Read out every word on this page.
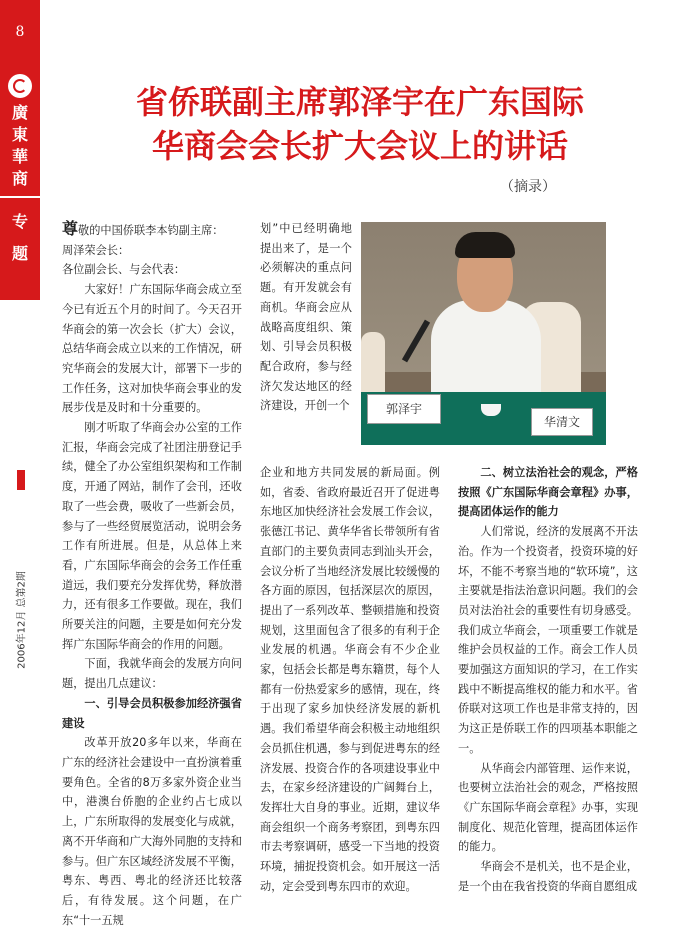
8
廣東華商
专题
2006年12月 总第2期
省侨联副主席郭泽宇在广东国际
华商会会长扩大会议上的讲话
（摘录）

尊敬的中国侨联李本钧副主席：

周泽荣会长：

各位副会长、与会代表：

大家好！广东国际华商会成立至今已有近五个月的时间了。今天召开华商会的第一次会长（扩大）会议，总结华商会成立以来的工作情况，研究华商会的发展大计，部署下一步的工作任务，这对加快华商会事业的发展步伐是及时和十分重要的。

刚才听取了华商会办公室的工作汇报，华商会完成了社团注册登记手续，健全了办公室组织架构和工作制度，开通了网站，制作了会刊，还收取了一些会费，吸收了一些新会员，参与了一些经贸展览活动，说明会务工作有所进展。但是，从总体上来看，广东国际华商会的会务工作任重道远，我们要充分发挥优势，释放潜力，还有很多工作要做。现在，我们所要关注的问题，主要是如何充分发挥广东国际华商会的作用的问题。

下面，我就华商会的发展方向问题，提出几点建议：

一、引导会员积极参加经济强省建设

改革开放20多年以来，华商在广东的经济社会建设中一直扮演着重要角色。全省的8万多家外资企业当中，港澳台侨胞的企业约占七成以上，广东所取得的发展变化与成就，离不开华商和广大海外同胞的支持和参与。但广东区域经济发展不平衡，粤东、粤西、粤北的经济还比较落后，有待发展。这个问题，在广东“十一五规

划”中已经明确地提出来了，是一个必须解决的重点问题。有开发就会有商机。华商会应从战略高度组织、策划、引导会员积极配合政府，参与经济欠发达地区的经济建设，开创一个	郭泽宇
华清文

企业和地方共同发展的新局面。例如，省委、省政府最近召开了促进粤东地区加快经济社会发展工作会议，张德江书记、黄华华省长带领所有省直部门的主要负责同志到汕头开会，会议分析了当地经济发展比较缓慢的各方面的原因，包括深层次的原因，提出了一系列改革、整顿措施和投资规划，这里面包含了很多的有利于企业发展的机遇。华商会有不少企业家，包括会长都是粤东籍贯，每个人都有一份热爱家乡的感情，现在，终于出现了家乡加快经济发展的新机遇。我们希望华商会积极主动地组织会员抓住机遇，参与到促进粤东的经济发展、投资合作的各项建设事业中去，在家乡经济建设的广阔舞台上，发挥壮大自身的事业。近期，建议华商会组织一个商务考察团，到粤东四市去考察调研，感受一下当地的投资环境，捕捉投资机会。如开展这一活动，定会受到粤东四市的欢迎。

二、树立法治社会的观念，严格按照《广东国际华商会章程》办事，提高团体运作的能力

人们常说，经济的发展离不开法治。作为一个投资者，投资环境的好坏，不能不考察当地的“软环境”，这主要就是指法治意识问题。我们的会员对法治社会的重要性有切身感受。我们成立华商会，一项重要工作就是维护会员权益的工作。商会工作人员要加强这方面知识的学习，在工作实践中不断提高维权的能力和水平。省侨联对这项工作也是非常支持的，因为这正是侨联工作的四项基本职能之一。

从华商会内部管理、运作来说，也要树立法治社会的观念，严格按照《广东国际华商会章程》办事，实现制度化、规范化管理，提高团体运作的能力。

华商会不是机关，也不是企业，是一个由在我省投资的华商自愿组成
